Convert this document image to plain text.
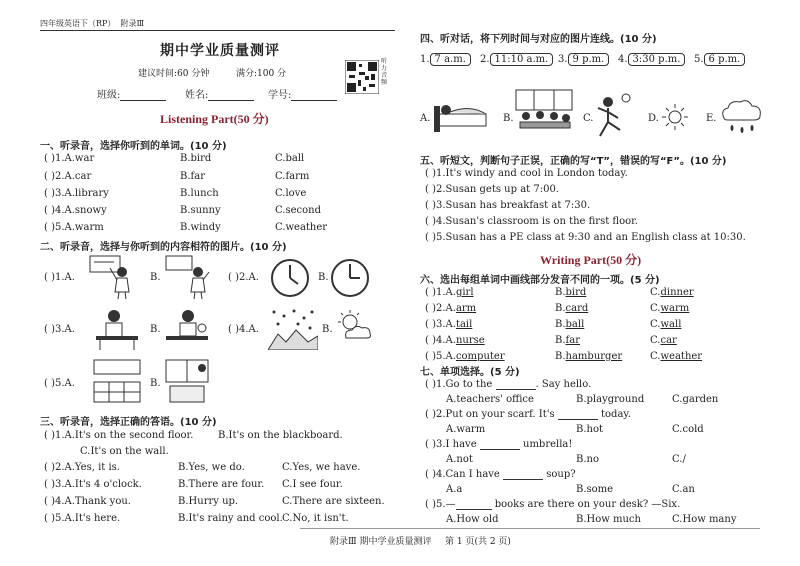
四年级英语下（RP） 附录Ⅲ
期中学业质量测评
建议时间:60 分钟	满分:100 分
班级:	姓名:	学号:
听力音频
Listening Part(50 分)
一、听录音，选择你听到的单词。(10 分)
( )1.A.war	B.bird	C.ball
( )2.A.car	B.far	C.farm
( )3.A.library	B.lunch	C.love
( )4.A.snowy	B.sunny	C.second
( )5.A.warm	B.windy	C.weather
二、听录音，选择与你听到的内容相符的图片。(10 分)
( )1.A.	B.	( )2.A.	B.
( )3.A.	B.	( )4.A.	B.
( )5.A.	B.
三、听录音，选择正确的答语。(10 分)
( )1.A.It's on the second floor. B.It's on the blackboard.
C.It's on the wall.
( )2.A.Yes, it is.	B.Yes, we do.	C.Yes, we have.
( )3.A.It's 4 o'clock.	B.There are four. C.I see four.
( )4.A.Thank you.	B.Hurry up.	C.There are sixteen.
( )5.A.It's here.	B.It's rainy and cool. C.No, it isn't.
四、听对话，将下列时间与对应的图片连线。(10 分)
1. 7 a.m.	2. 11:10 a.m. 3. 9 p.m.	4. 3:30 p.m.	5. 6 p.m.
A.	B.	C.	D.	E.
五、听短文，判断句子正误，正确的写“T”，错误的写“F”。(10 分)
( )1.It's windy and cool in London today.
( )2.Susan gets up at 7:00.
( )3.Susan has breakfast at 7:30.
( )4.Susan's classroom is on the first floor.
( )5.Susan has a PE class at 9:30 and an English class at 10:30.
Writing Part(50 分)
六、选出每组单词中画线部分发音不同的一项。(5 分)
( )1.A.girl	B.bird	C.dinner
( )2.A.arm	B.card	C.warm
( )3.A.tail	B.ball	C.wall
( )4.A.nurse	B.far	C.car
( )5.A.computer	B.hamburger	C.weather
七、单项选择。(5 分)
( )1.Go to the	. Say hello.
A.teachers' office	B.playground	C.garden
( )2.Put on your scarf. It's	today.
A.warm	B.hot	C.cold
( )3.I have	umbrella!
A.not	B.no	C./
( )4.Can I have	soup?
A.a	B.some	C.an
( )5.—	books are there on your desk? —Six.
A.How old	B.How much	C.How many
附录Ⅲ 期中学业质量测评 第 1 页(共 2 页)
